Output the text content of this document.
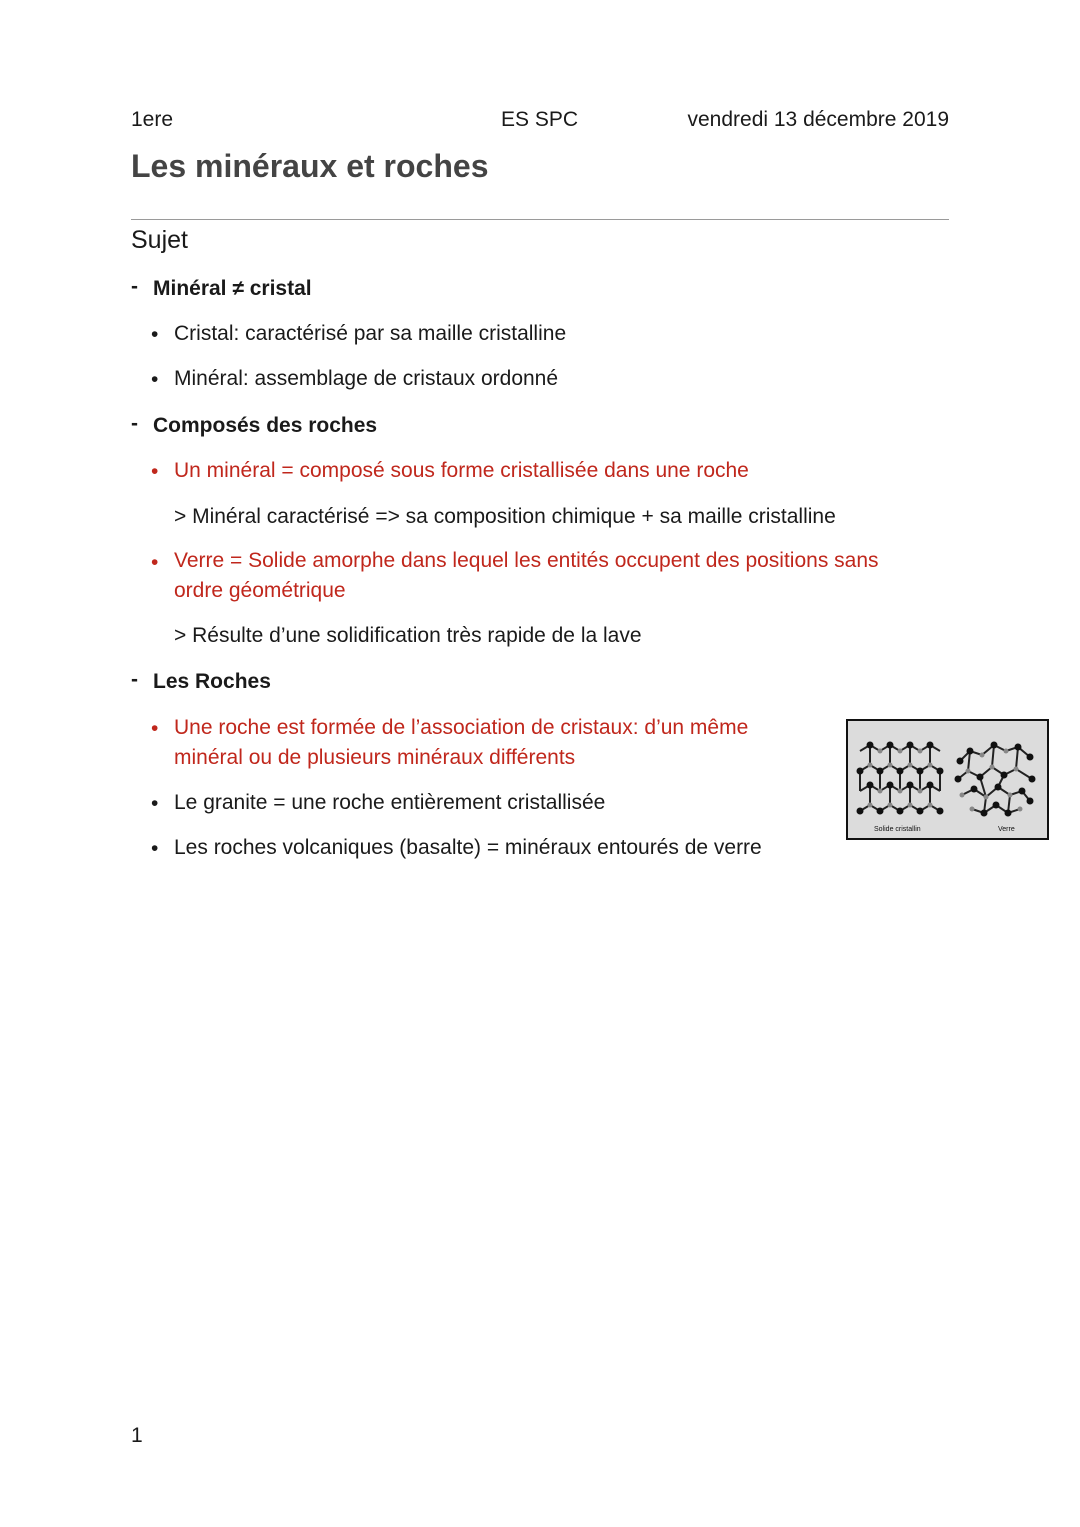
1ere	ES SPC	vendredi 13 décembre 2019
Les minéraux et roches
Sujet
- Minéral ≠ cristal
• Cristal: caractérisé par sa maille cristalline
• Minéral: assemblage de cristaux ordonné
- Composés des roches
• Un minéral = composé sous forme cristallisée dans une roche
> Minéral caractérisé => sa composition chimique + sa maille cristalline
• Verre = Solide amorphe dans lequel les entités occupent des positions sans
ordre géométrique
> Résulte d’une solidification très rapide de la lave
- Les Roches
• Une roche est formée de l’association de cristaux: d’un même
minéral ou de plusieurs minéraux différents
• Le granite = une roche entièrement cristallisée
• Les roches volcaniques (basalte) = minéraux entourés de verre
Solide cristallin	Verre
1
